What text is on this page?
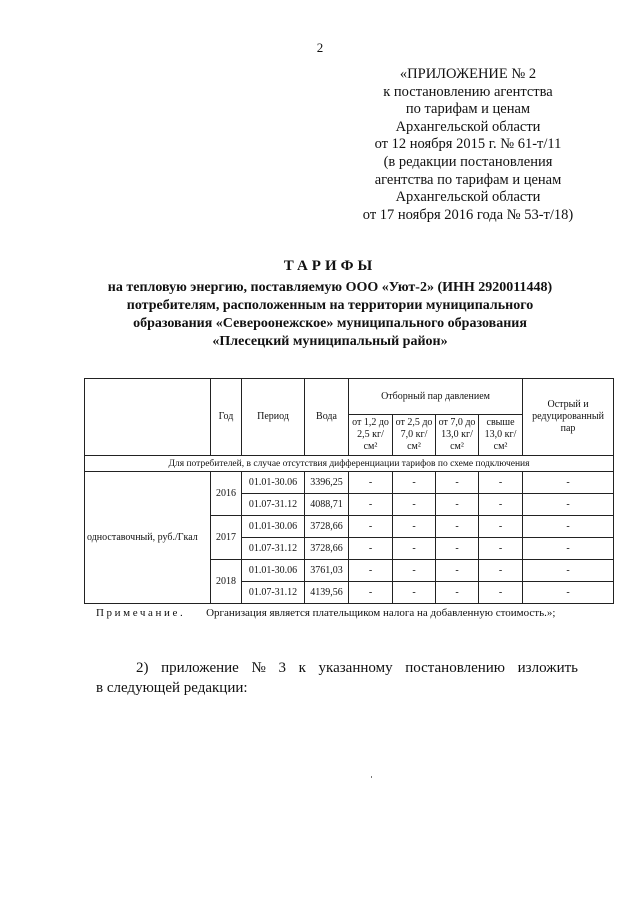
2
«ПРИЛОЖЕНИЕ № 2
к постановлению агентства
по тарифам и ценам
Архангельской области
от 12 ноября 2015 г. № 61-т/11
(в редакции постановления
агентства по тарифам и ценам
Архангельской области
от 17 ноября 2016 года № 53-т/18)
ТАРИФЫ
на тепловую энергию, поставляемую ООО «Уют-2» (ИНН 2920011448)
потребителям, расположенным на территории муниципального
образования «Североонежское» муниципального образования
«Плесецкий муниципальный район»
	Год	Период	Вода	Отборный пар давлением				Острый и редуцированный пар
				от 1,2 до 2,5 кг/см²	от 2,5 до 7,0 кг/см²	от 7,0 до 13,0 кг/см²	свыше 13,0 кг/см²	
Для потребителей, в случае отсутствия дифференциации тарифов по схеме подключения								
одноставочный, руб./Гкал	2016	01.01-30.06	3396,25	-	-	-	-	-
		01.07-31.12	4088,71	-	-	-	-	-
	2017	01.01-30.06	3728,66	-	-	-	-	-
		01.07-31.12	3728,66	-	-	-	-	-
	2018	01.01-30.06	3761,03	-	-	-	-	-
		01.07-31.12	4139,56	-	-	-	-	-
Примечание. Организация является плательщиком налога на добавленную стоимость.»;
2) приложение № 3 к указанному постановлению изложить
в следующей редакции:
